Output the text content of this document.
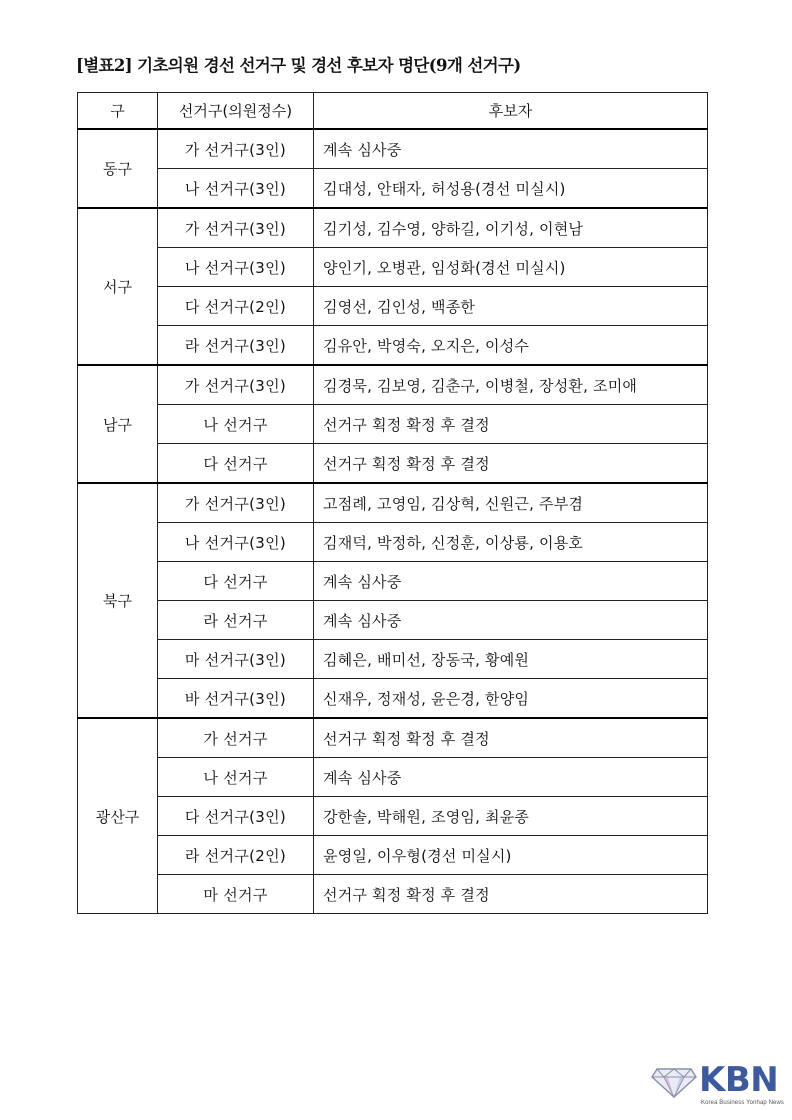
[별표2] 기초의원 경선 선거구 및 경선 후보자 명단(9개 선거구)
구	선거구(의원정수)	후보자
동구	가 선거구(3인)	계속 심사중
	나 선거구(3인)	김대성, 안태자, 허성용(경선 미실시)
서구	가 선거구(3인)	김기성, 김수영, 양하길, 이기성, 이현남
	나 선거구(3인)	양인기, 오병관, 임성화(경선 미실시)
	다 선거구(2인)	김영선, 김인성, 백종한
	라 선거구(3인)	김유안, 박영숙, 오지은, 이성수
남구	가 선거구(3인)	김경묵, 김보영, 김춘구, 이병철, 장성환, 조미애
	나 선거구	선거구 획정 확정 후 결정
	다 선거구	선거구 획정 확정 후 결정
북구	가 선거구(3인)	고점례, 고영임, 김상혁, 신원근, 주부겸
	나 선거구(3인)	김재덕, 박정하, 신정훈, 이상룡, 이용호
	다 선거구	계속 심사중
	라 선거구	계속 심사중
	마 선거구(3인)	김혜은, 배미선, 장동국, 황예원
	바 선거구(3인)	신재우, 정재성, 윤은경, 한양임
광산구	가 선거구	선거구 획정 확정 후 결정
	나 선거구	계속 심사중
	다 선거구(3인)	강한솔, 박해원, 조영임, 최윤종
	라 선거구(2인)	윤영일, 이우형(경선 미실시)
	마 선거구	선거구 획정 확정 후 결정
KBN
Korea Business Yonhap News
